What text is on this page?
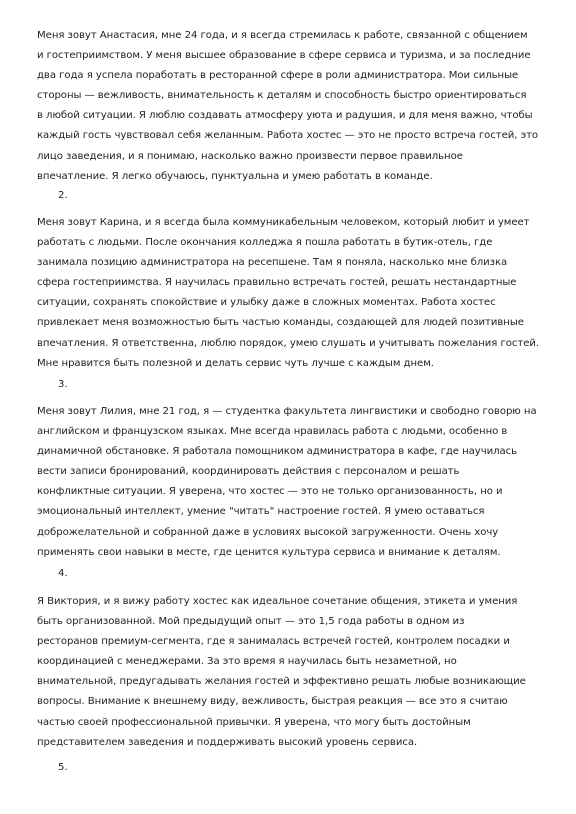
Меня зовут Анастасия, мне 24 года, и я всегда стремилась к работе, связанной с общением
и гостеприимством. У меня высшее образование в сфере сервиса и туризма, и за последние
два года я успела поработать в ресторанной сфере в роли администратора. Мои сильные
стороны — вежливость, внимательность к деталям и способность быстро ориентироваться
в любой ситуации. Я люблю создавать атмосферу уюта и радушия, и для меня важно, чтобы
каждый гость чувствовал себя желанным. Работа хостес — это не просто встреча гостей, это
лицо заведения, и я понимаю, насколько важно произвести первое правильное
впечатление. Я легко обучаюсь, пунктуальна и умею работать в команде.
2.
Меня зовут Карина, и я всегда была коммуникабельным человеком, который любит и умеет
работать с людьми. После окончания колледжа я пошла работать в бутик-отель, где
занимала позицию администратора на ресепшене. Там я поняла, насколько мне близка
сфера гостеприимства. Я научилась правильно встречать гостей, решать нестандартные
ситуации, сохранять спокойствие и улыбку даже в сложных моментах. Работа хостес
привлекает меня возможностью быть частью команды, создающей для людей позитивные
впечатления. Я ответственна, люблю порядок, умею слушать и учитывать пожелания гостей.
Мне нравится быть полезной и делать сервис чуть лучше с каждым днем.
3.
Меня зовут Лилия, мне 21 год, я — студентка факультета лингвистики и свободно говорю на
английском и французском языках. Мне всегда нравилась работа с людьми, особенно в
динамичной обстановке. Я работала помощником администратора в кафе, где научилась
вести записи бронирований, координировать действия с персоналом и решать
конфликтные ситуации. Я уверена, что хостес — это не только организованность, но и
эмоциональный интеллект, умение "читать" настроение гостей. Я умею оставаться
доброжелательной и собранной даже в условиях высокой загруженности. Очень хочу
применять свои навыки в месте, где ценится культура сервиса и внимание к деталям.
4.
Я Виктория, и я вижу работу хостес как идеальное сочетание общения, этикета и умения
быть организованной. Мой предыдущий опыт — это 1,5 года работы в одном из
ресторанов премиум-сегмента, где я занималась встречей гостей, контролем посадки и
координацией с менеджерами. За это время я научилась быть незаметной, но
внимательной, предугадывать желания гостей и эффективно решать любые возникающие
вопросы. Внимание к внешнему виду, вежливость, быстрая реакция — все это я считаю
частью своей профессиональной привычки. Я уверена, что могу быть достойным
представителем заведения и поддерживать высокий уровень сервиса.
5.
